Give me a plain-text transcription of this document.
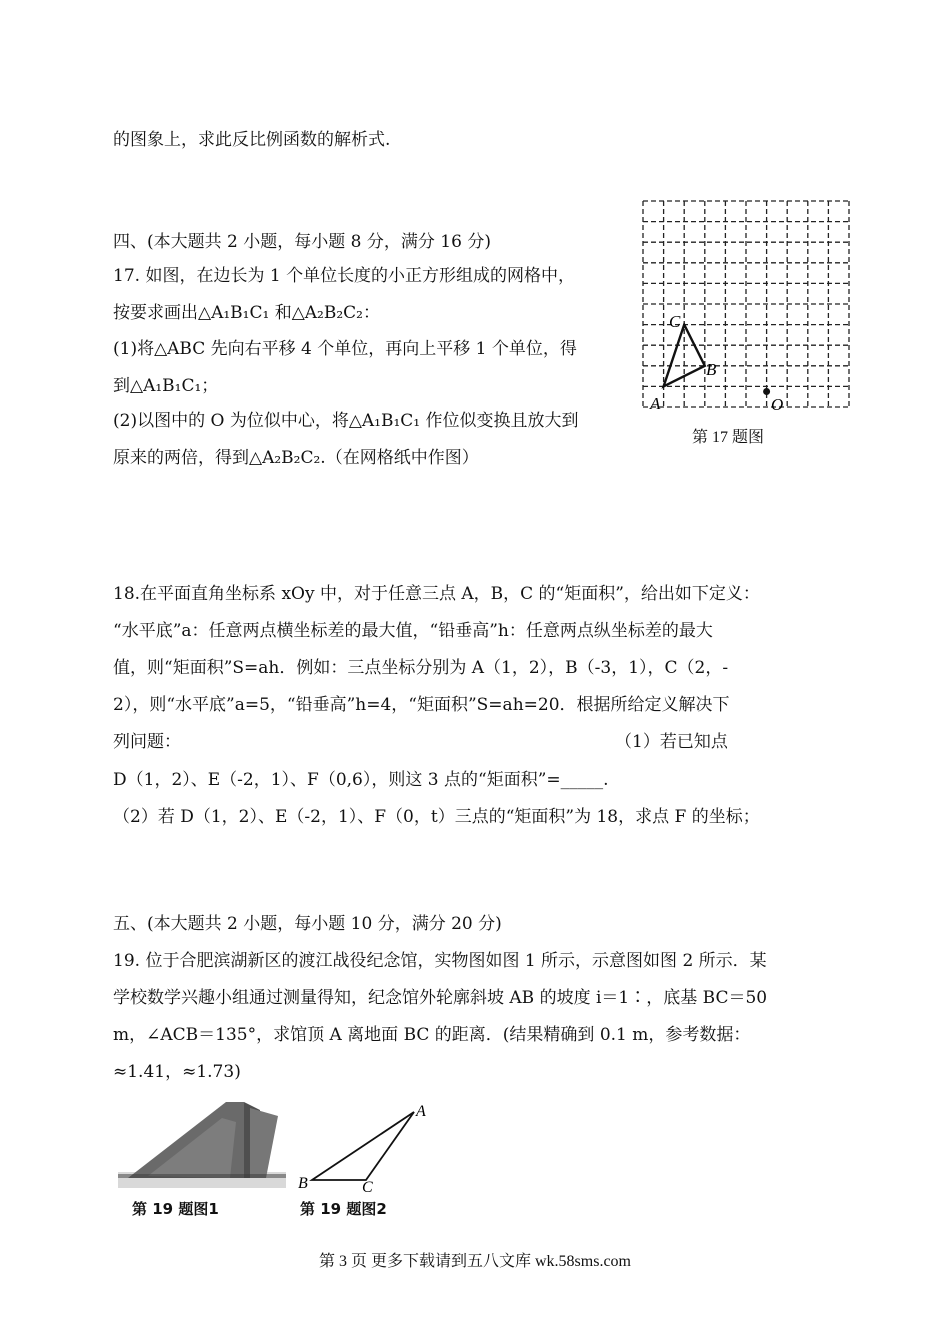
的图象上，求此反比例函数的解析式.
四、(本大题共 2 小题，每小题 8 分，满分 16 分)
17. 如图，在边长为 1 个单位长度的小正方形组成的网格中，
按要求画出△A₁B₁C₁ 和△A₂B₂C₂：
(1)将△ABC 先向右平移 4 个单位，再向上平移 1 个单位，得
到△A₁B₁C₁；
(2)以图中的 O 为位似中心，将△A₁B₁C₁ 作位似变换且放大到
原来的两倍，得到△A₂B₂C₂.（在网格纸中作图）
A
B
C
O
第 17 题图
18.在平面直角坐标系 xOy 中，对于任意三点 A，B，C 的“矩面积”，给出如下定义：
“水平底”a：任意两点横坐标差的最大值，“铅垂高”h：任意两点纵坐标差的最大
值，则“矩面积”S=ah．例如：三点坐标分别为 A（1，2），B（-3，1），C（2，-
2），则“水平底”a=5，“铅垂高”h=4，“矩面积”S=ah=20．根据所给定义解决下
列问题：	（1）若已知点
D（1，2）、E（-2，1）、F（0,6），则这 3 点的“矩面积”=_____.
（2）若 D（1，2）、E（-2，1）、F（0，t）三点的“矩面积”为 18，求点 F 的坐标；
五、(本大题共 2 小题，每小题 10 分，满分 20 分)
19. 位于合肥滨湖新区的渡江战役纪念馆，实物图如图 1 所示，示意图如图 2 所示．某
学校数学兴趣小组通过测量得知，纪念馆外轮廓斜坡 AB 的坡度 i＝1∶，底基 BC＝50
m，∠ACB＝135°，求馆顶 A 离地面 BC 的距离．(结果精确到 0.1 m，参考数据：
≈1.41，≈1.73)
第 19 题图1
A
B	C
第 19 题图2
第 3 页 更多下载请到五八文库 wk.58sms.com
